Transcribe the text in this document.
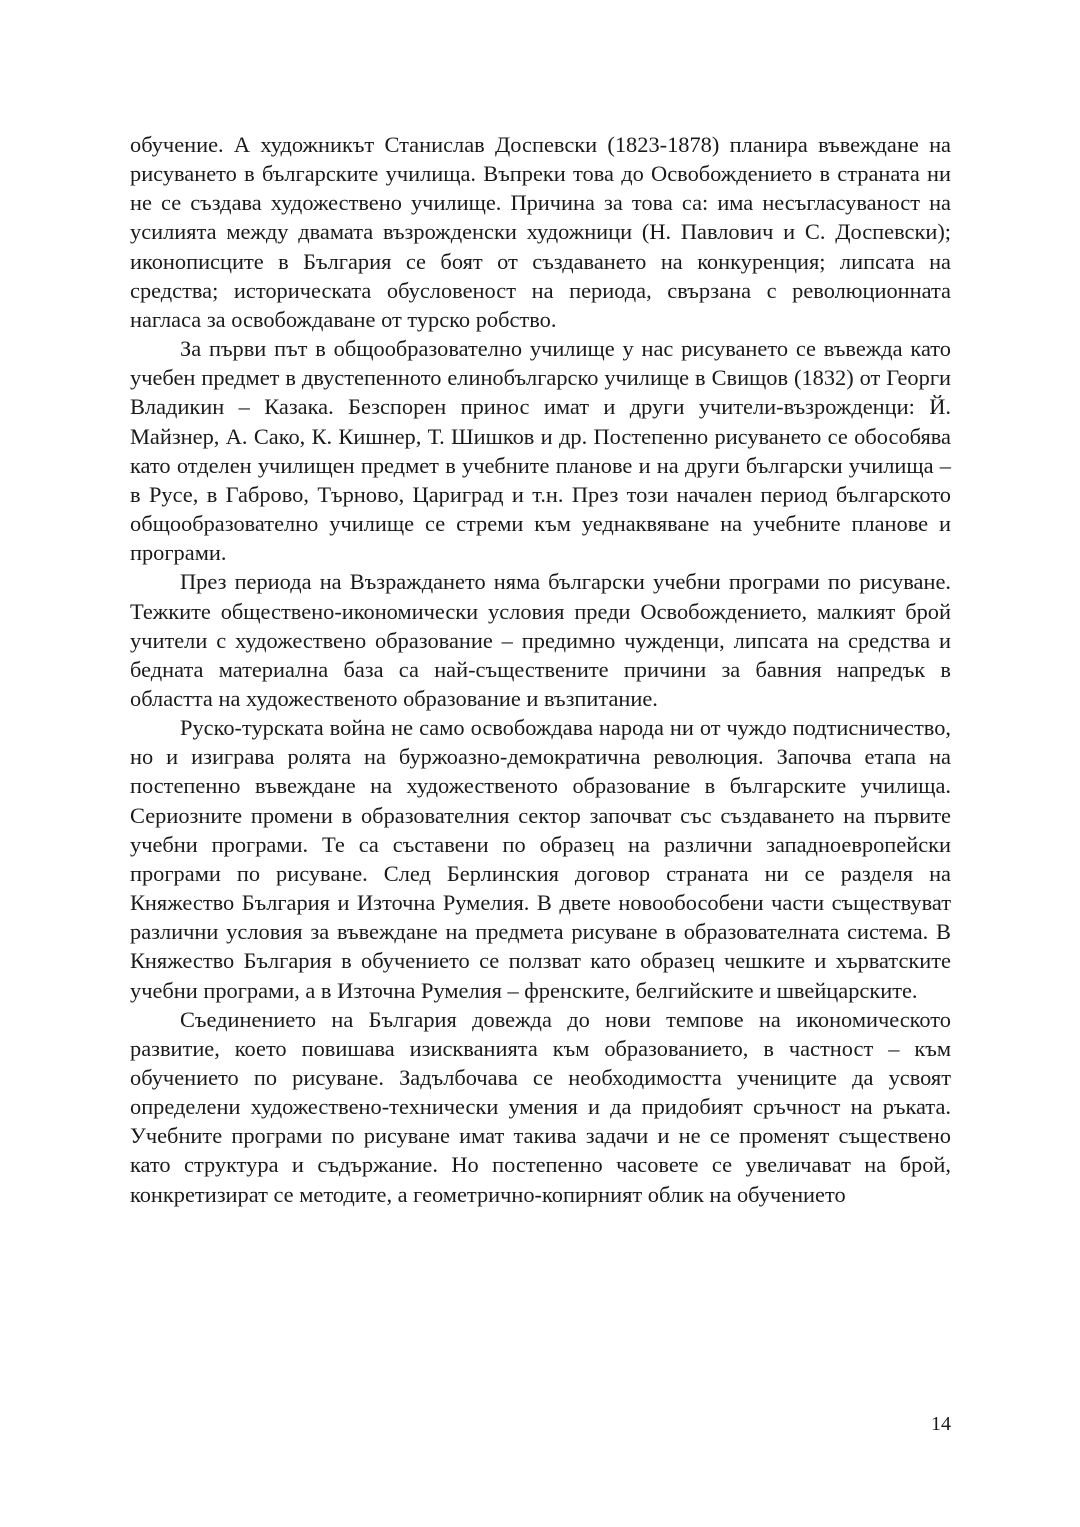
обучение. А художникът Станислав Доспевски (1823-1878) планира въвеждане на рисуването в българските училища. Въпреки това до Освобождението в страната ни не се създава художествено училище. Причина за това са: има несъгласуваност на усилията между двамата възрожденски художници (Н. Павлович и С. Доспевски); иконописците в България се боят от създаването на конкуренция; липсата на средства; историческата обусловеност на периода, свързана с революционната нагласа за освобождаване от турско робство.

За първи път в общообразователно училище у нас рисуването се въвежда като учебен предмет в двустепенното елинобългарско училище в Свищов (1832) от Георги Владикин – Казака. Безспорен принос имат и други учители-възрожденци: Й. Майзнер, А. Сако, К. Кишнер, Т. Шишков и др. Постепенно рисуването се обособява като отделен училищен предмет в учебните планове и на други български училища – в Русе, в Габрово, Търново, Цариград и т.н. През този начален период българското общообразователно училище се стреми към уеднаквяване на учебните планове и програми.

През периода на Възраждането няма български учебни програми по рисуване. Тежките обществено-икономически условия преди Освобождението, малкият брой учители с художествено образование – предимно чужденци, липсата на средства и бедната материална база са най-съществените причини за бавния напредък в областта на художественото образование и възпитание.

Руско-турската война не само освобождава народа ни от чуждо подтисничество, но и изиграва ролята на буржоазно-демократична революция. Започва етапа на постепенно въвеждане на художественото образование в българските училища. Сериозните промени в образователния сектор започват със създаването на първите учебни програми. Те са съставени по образец на различни западноевропейски програми по рисуване. След Берлинския договор страната ни се разделя на Княжество България и Източна Румелия. В двете новообособени части съществуват различни условия за въвеждане на предмета рисуване в образователната система. В Княжество България в обучението се ползват като образец чешките и хърватските учебни програми, а в Източна Румелия – френските, белгийските и швейцарските.

Съединението на България довежда до нови темпове на икономическото развитие, което повишава изискванията към образованието, в частност – към обучението по рисуване. Задълбочава се необходимостта учениците да усвоят определени художествено-технически умения и да придобият сръчност на ръката. Учебните програми по рисуване имат такива задачи и не се променят съществено като структура и съдържание. Но постепенно часовете се увеличават на брой, конкретизират се методите, а геометрично-копирният облик на обучението

14
